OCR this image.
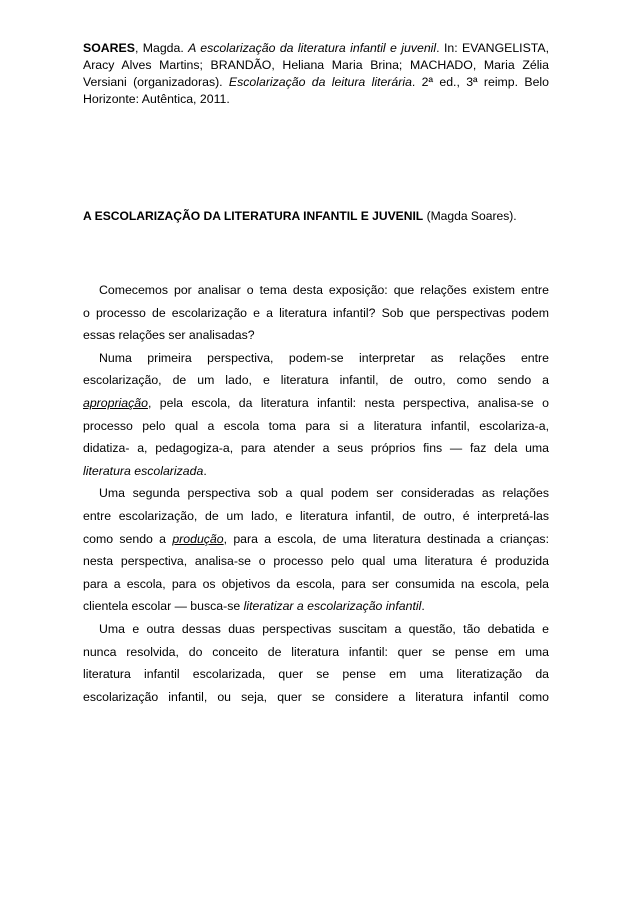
SOARES, Magda. A escolarização da literatura infantil e juvenil. In: EVANGELISTA, Aracy Alves Martins; BRANDÃO, Heliana Maria Brina; MACHADO, Maria Zélia Versiani (organizadoras). Escolarização da leitura literária. 2ª ed., 3ª reimp. Belo Horizonte: Autêntica, 2011.
A ESCOLARIZAÇÃO DA LITERATURA INFANTIL E JUVENIL (Magda Soares).

Comecemos por analisar o tema desta exposição: que relações existem entre
o processo de escolarização e a literatura infantil? Sob que perspectivas podem
essas relações ser analisadas?

Numa primeira perspectiva, podem-se interpretar as relações entre
escolarização, de um lado, e literatura infantil, de outro, como sendo a
apropriação, pela escola, da literatura infantil: nesta perspectiva, analisa-se o
processo pelo qual a escola toma para si a literatura infantil, escolariza-a,
didatiza- a, pedagogiza-a, para atender a seus próprios fins — faz dela uma
literatura escolarizada.

Uma segunda perspectiva sob a qual podem ser consideradas as relações
entre escolarização, de um lado, e literatura infantil, de outro, é interpretá-las
como sendo a produção, para a escola, de uma literatura destinada a crianças:
nesta perspectiva, analisa-se o processo pelo qual uma literatura é produzida
para a escola, para os objetivos da escola, para ser consumida na escola, pela
clientela escolar — busca-se literatizar a escolarização infantil.

Uma e outra dessas duas perspectivas suscitam a questão, tão debatida e
nunca resolvida, do conceito de literatura infantil: quer se pense em uma
literatura infantil escolarizada, quer se pense em uma literatização da
escolarização infantil, ou seja, quer se considere a literatura infantil como
